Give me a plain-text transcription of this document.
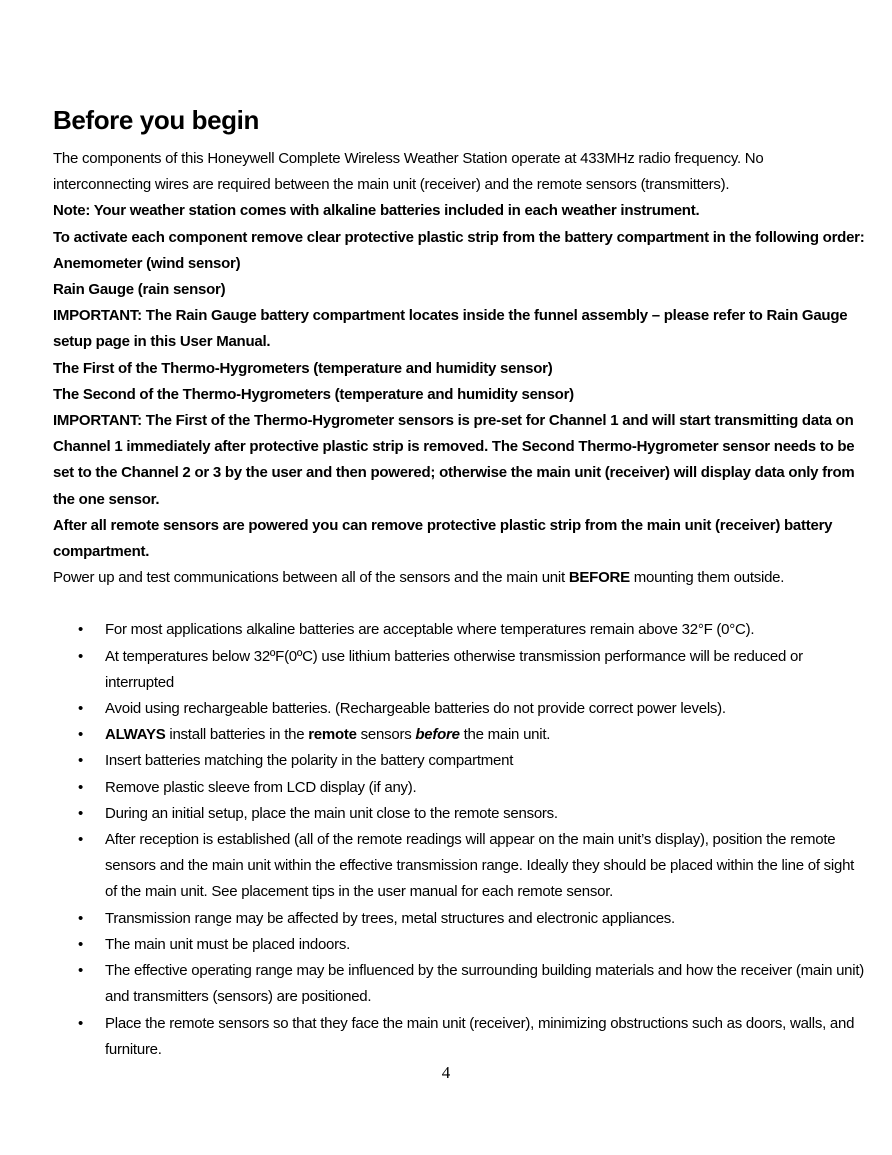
Before you begin

The components of this Honeywell Complete Wireless Weather Station operate at 433MHz radio frequency. No interconnecting wires are required between the main unit (receiver) and the remote sensors (transmitters).

Note: Your weather station comes with alkaline batteries included in each weather instrument.

To activate each component remove clear protective plastic strip from the battery compartment in the following order:

Anemometer (wind sensor)

Rain Gauge (rain sensor)

IMPORTANT: The Rain Gauge battery compartment locates inside the funnel assembly – please refer to Rain Gauge setup page in this User Manual.

The First of the Thermo-Hygrometers (temperature and humidity sensor)

The Second of the Thermo-Hygrometers (temperature and humidity sensor)

IMPORTANT: The First of the Thermo-Hygrometer sensors is pre-set for Channel 1 and will start transmitting data on Channel 1 immediately after protective plastic strip is removed. The Second Thermo-Hygrometer sensor needs to be set to the Channel 2 or 3 by the user and then powered; otherwise the main unit (receiver) will display data only from the one sensor.

After all remote sensors are powered you can remove protective plastic strip from the main unit (receiver) battery compartment.

Power up and test communications between all of the sensors and the main unit BEFORE mounting them outside.

• For most applications alkaline batteries are acceptable where temperatures remain above 32°F (0°C).
• At temperatures below 32ºF(0ºC) use lithium batteries otherwise transmission performance will be reduced or interrupted
• Avoid using rechargeable batteries. (Rechargeable batteries do not provide correct power levels).
• ALWAYS install batteries in the remote sensors before the main unit.
• Insert batteries matching the polarity in the battery compartment
• Remove plastic sleeve from LCD display (if any).
• During an initial setup, place the main unit close to the remote sensors.
• After reception is established (all of the remote readings will appear on the main unit’s display), position the remote sensors and the main unit within the effective transmission range. Ideally they should be placed within the line of sight of the main unit. See placement tips in the user manual for each remote sensor.
• Transmission range may be affected by trees, metal structures and electronic appliances.
• The main unit must be placed indoors.
• The effective operating range may be influenced by the surrounding building materials and how the receiver (main unit) and transmitters (sensors) are positioned.
• Place the remote sensors so that they face the main unit (receiver), minimizing obstructions such as doors, walls, and furniture.
4
